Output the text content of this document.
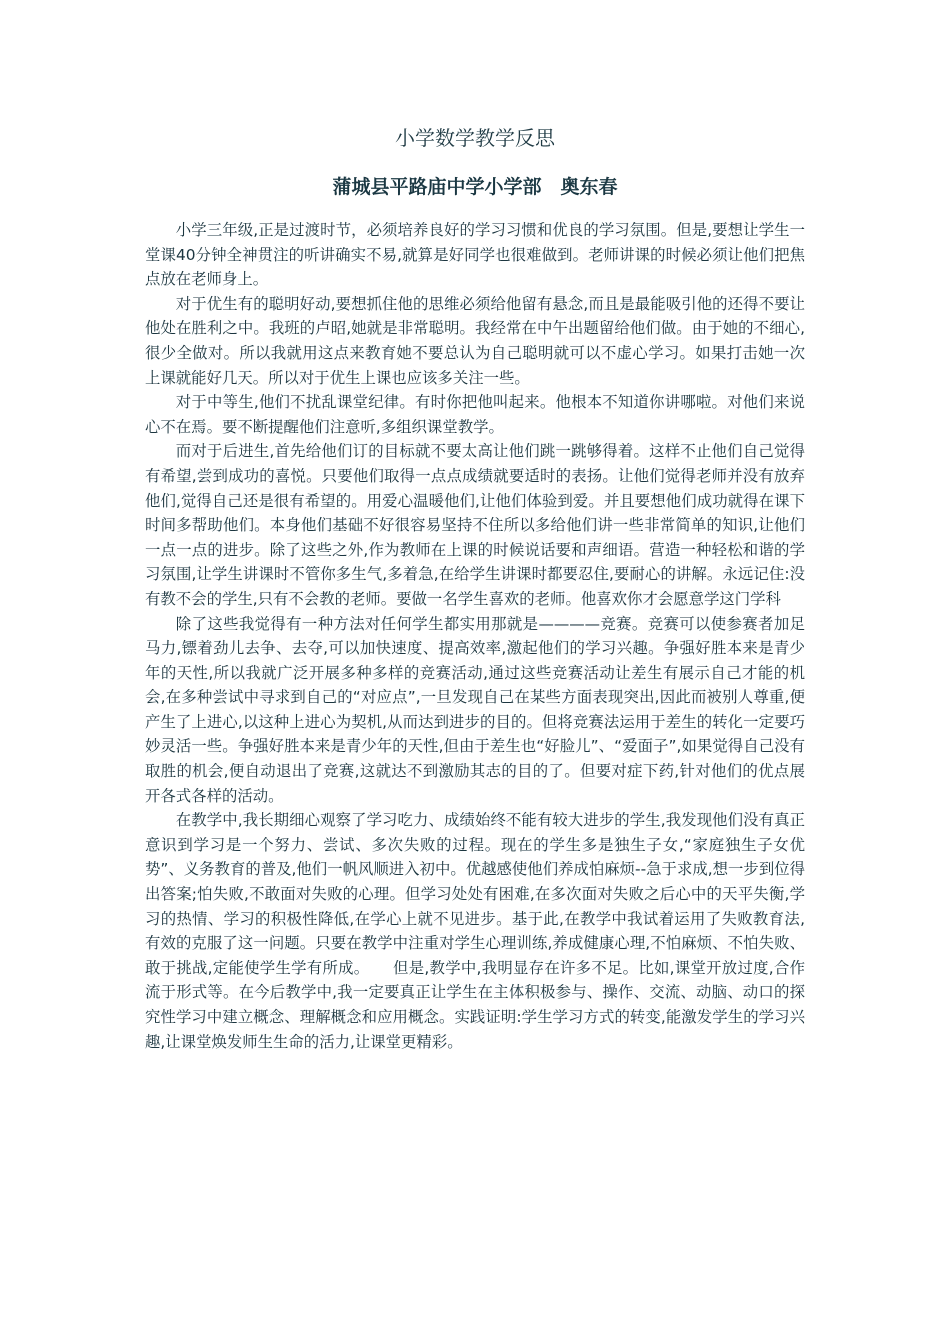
小学数学教学反思
蒲城县平路庙中学小学部　奥东春

小学三年级,正是过渡时节，必须培养良好的学习习惯和优良的学习氛围。但是,要想让学生一堂课40分钟全神贯注的听讲确实不易,就算是好同学也很难做到。老师讲课的时候必须让他们把焦点放在老师身上。

对于优生有的聪明好动,要想抓住他的思维必须给他留有悬念,而且是最能吸引他的还得不要让他处在胜利之中。我班的卢昭,她就是非常聪明。我经常在中午出题留给他们做。由于她的不细心,很少全做对。所以我就用这点来教育她不要总认为自己聪明就可以不虚心学习。如果打击她一次上课就能好几天。所以对于优生上课也应该多关注一些。

对于中等生,他们不扰乱课堂纪律。有时你把他叫起来。他根本不知道你讲哪啦。对他们来说心不在焉。要不断提醒他们注意听,多组织课堂教学。

而对于后进生,首先给他们订的目标就不要太高让他们跳一跳够得着。这样不止他们自己觉得有希望,尝到成功的喜悦。只要他们取得一点点成绩就要适时的表扬。让他们觉得老师并没有放弃他们,觉得自己还是很有希望的。用爱心温暖他们,让他们体验到爱。并且要想他们成功就得在课下时间多帮助他们。本身他们基础不好很容易坚持不住所以多给他们讲一些非常简单的知识,让他们一点一点的进步。除了这些之外,作为教师在上课的时候说话要和声细语。营造一种轻松和谐的学习氛围,让学生讲课时不管你多生气,多着急,在给学生讲课时都要忍住,要耐心的讲解。永远记住:没有教不会的学生,只有不会教的老师。要做一名学生喜欢的老师。他喜欢你才会愿意学这门学科

除了这些我觉得有一种方法对任何学生都实用那就是————竞赛。竞赛可以使参赛者加足马力,镖着劲儿去争、去夺,可以加快速度、提高效率,激起他们的学习兴趣。争强好胜本来是青少年的天性,所以我就广泛开展多种多样的竞赛活动,通过这些竞赛活动让差生有展示自己才能的机会,在多种尝试中寻求到自己的“对应点”,一旦发现自己在某些方面表现突出,因此而被别人尊重,便产生了上进心,以这种上进心为契机,从而达到进步的目的。但将竞赛法运用于差生的转化一定要巧妙灵活一些。争强好胜本来是青少年的天性,但由于差生也“好脸儿”、“爱面子”,如果觉得自己没有取胜的机会,便自动退出了竞赛,这就达不到激励其志的目的了。但要对症下药,针对他们的优点展开各式各样的活动。

在教学中,我长期细心观察了学习吃力、成绩始终不能有较大进步的学生,我发现他们没有真正意识到学习是一个努力、尝试、多次失败的过程。现在的学生多是独生子女,“家庭独生子女优势”、义务教育的普及,他们一帆风顺进入初中。优越感使他们养成怕麻烦--急于求成,想一步到位得出答案;怕失败,不敢面对失败的心理。但学习处处有困难,在多次面对失败之后心中的天平失衡,学习的热情、学习的积极性降低,在学心上就不见进步。基于此,在教学中我试着运用了失败教育法,有效的克服了这一问题。只要在教学中注重对学生心理训练,养成健康心理,不怕麻烦、不怕失败、敢于挑战,定能使学生学有所成。　　但是,教学中,我明显存在许多不足。比如,课堂开放过度,合作流于形式等。在今后教学中,我一定要真正让学生在主体积极参与、操作、交流、动脑、动口的探究性学习中建立概念、理解概念和应用概念。实践证明:学生学习方式的转变,能激发学生的学习兴趣,让课堂焕发师生生命的活力,让课堂更精彩。
